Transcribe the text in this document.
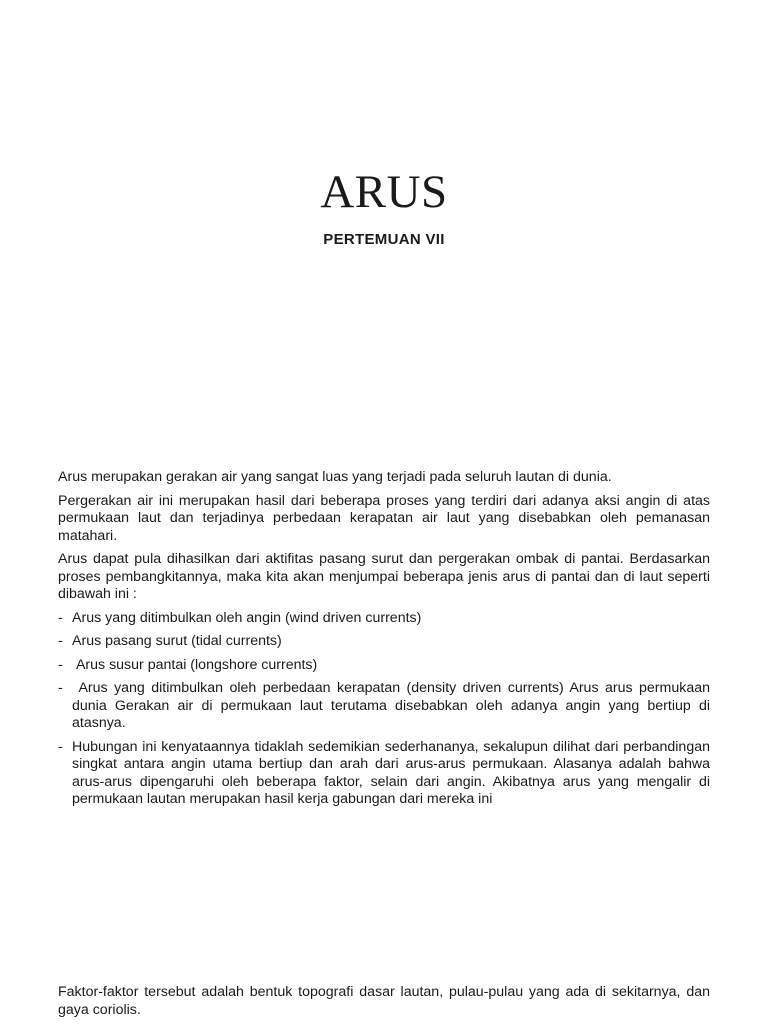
ARUS
PERTEMUAN VII

Arus merupakan gerakan air yang sangat luas yang terjadi pada seluruh lautan di dunia.

Pergerakan air ini merupakan hasil dari beberapa proses yang terdiri dari adanya aksi angin di atas permukaan laut dan terjadinya perbedaan kerapatan air laut yang disebabkan oleh pemanasan matahari.

Arus dapat pula dihasilkan dari aktifitas pasang surut dan pergerakan ombak di pantai. Berdasarkan proses pembangkitannya, maka kita akan menjumpai beberapa jenis arus di pantai dan di laut seperti dibawah ini :

- Arus yang ditimbulkan oleh angin (wind driven currents)
- Arus pasang surut (tidal currents)
- Arus susur pantai (longshore currents)
- Arus yang ditimbulkan oleh perbedaan kerapatan (density driven currents) Arus arus permukaan dunia Gerakan air di permukaan laut terutama disebabkan oleh adanya angin yang bertiup di atasnya.
- Hubungan ini kenyataannya tidaklah sedemikian sederhananya, sekalupun dilihat dari perbandingan singkat antara angin utama bertiup dan arah dari arus-arus permukaan. Alasanya adalah bahwa arus-arus dipengaruhi oleh beberapa faktor, selain dari angin. Akibatnya arus yang mengalir di permukaan lautan merupakan hasil kerja gabungan dari mereka ini

Faktor-faktor tersebut adalah bentuk topografi dasar lautan, pulau-pulau yang ada di sekitarnya, dan gaya coriolis.
